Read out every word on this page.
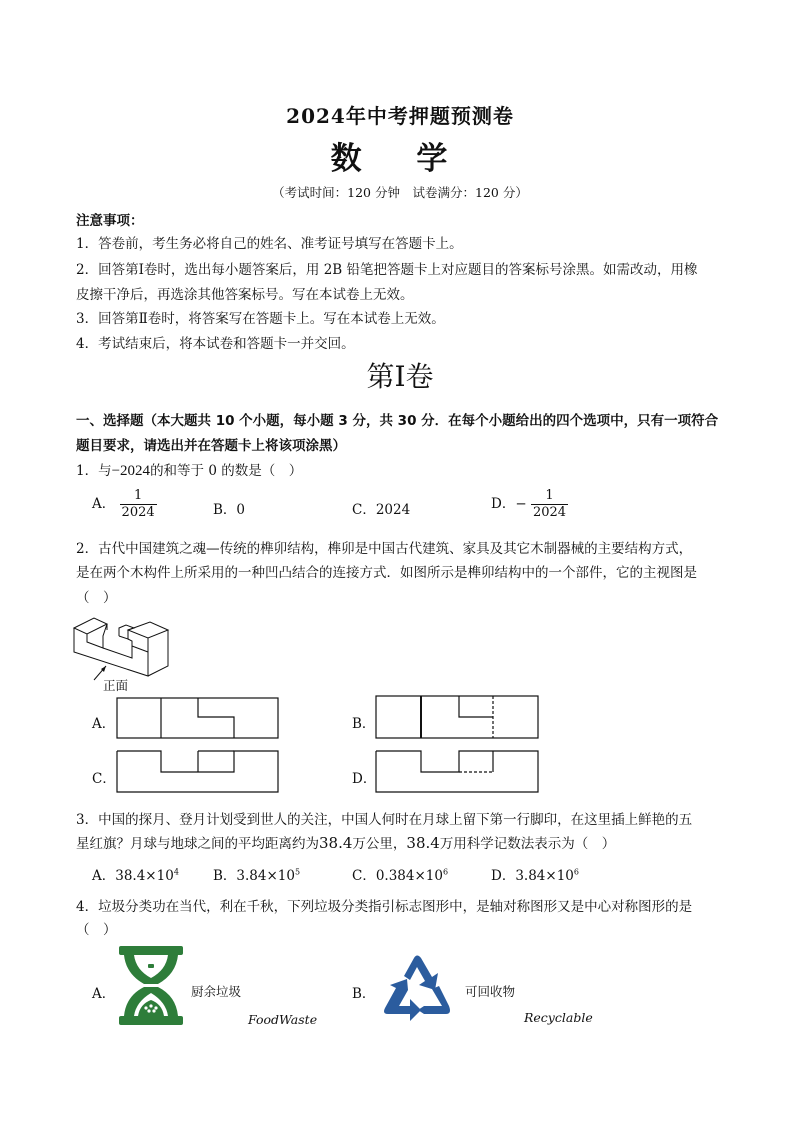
2024年中考押题预测卷
数 学
（考试时间：120 分钟　试卷满分：120 分）
注意事项：
1．答卷前，考生务必将自己的姓名、准考证号填写在答题卡上。
2．回答第Ⅰ卷时，选出每小题答案后，用 2B 铅笔把答题卡上对应题目的答案标号涂黑。如需改动，用橡
皮擦干净后，再选涂其他答案标号。写在本试卷上无效。
3．回答第Ⅱ卷时，将答案写在答题卡上。写在本试卷上无效。
4．考试结束后，将本试卷和答题卡一并交回。
第Ⅰ卷
一、选择题（本大题共 10 个小题，每小题 3 分，共 30 分．在每个小题给出的四个选项中，只有一项符合
题目要求，请选出并在答题卡上将该项涂黑）
1．与−2024的和等于 0 的数是（　）
A． $\frac{1}{2024}$	B．0	C．2024	D．− $\frac{1}{2024}$
2．古代中国建筑之魂—传统的榫卯结构，榫卯是中国古代建筑、家具及其它木制器械的主要结构方式，
是在两个木构件上所采用的一种凹凸结合的连接方式．如图所示是榫卯结构中的一个部件，它的主视图是
（　）
正面
A．	B．
C．	D．
3．中国的探月、登月计划受到世人的关注，中国人何时在月球上留下第一行脚印，在这里插上鲜艳的五
星红旗？月球与地球之间的平均距离约为38.4万公里，38.4万用科学记数法表示为（　）
A．$38.4\times 10^4$	B．$3.84\times 10^5$	C．$0.384\times 10^6$	D．$3.84\times 10^6$
4．垃圾分类功在当代，利在千秋，下列垃圾分类指引标志图形中，是轴对称图形又是中心对称图形的是
（　）
A．	厨余垃圾
FoodWaste
B．	可回收物
Recyclable
